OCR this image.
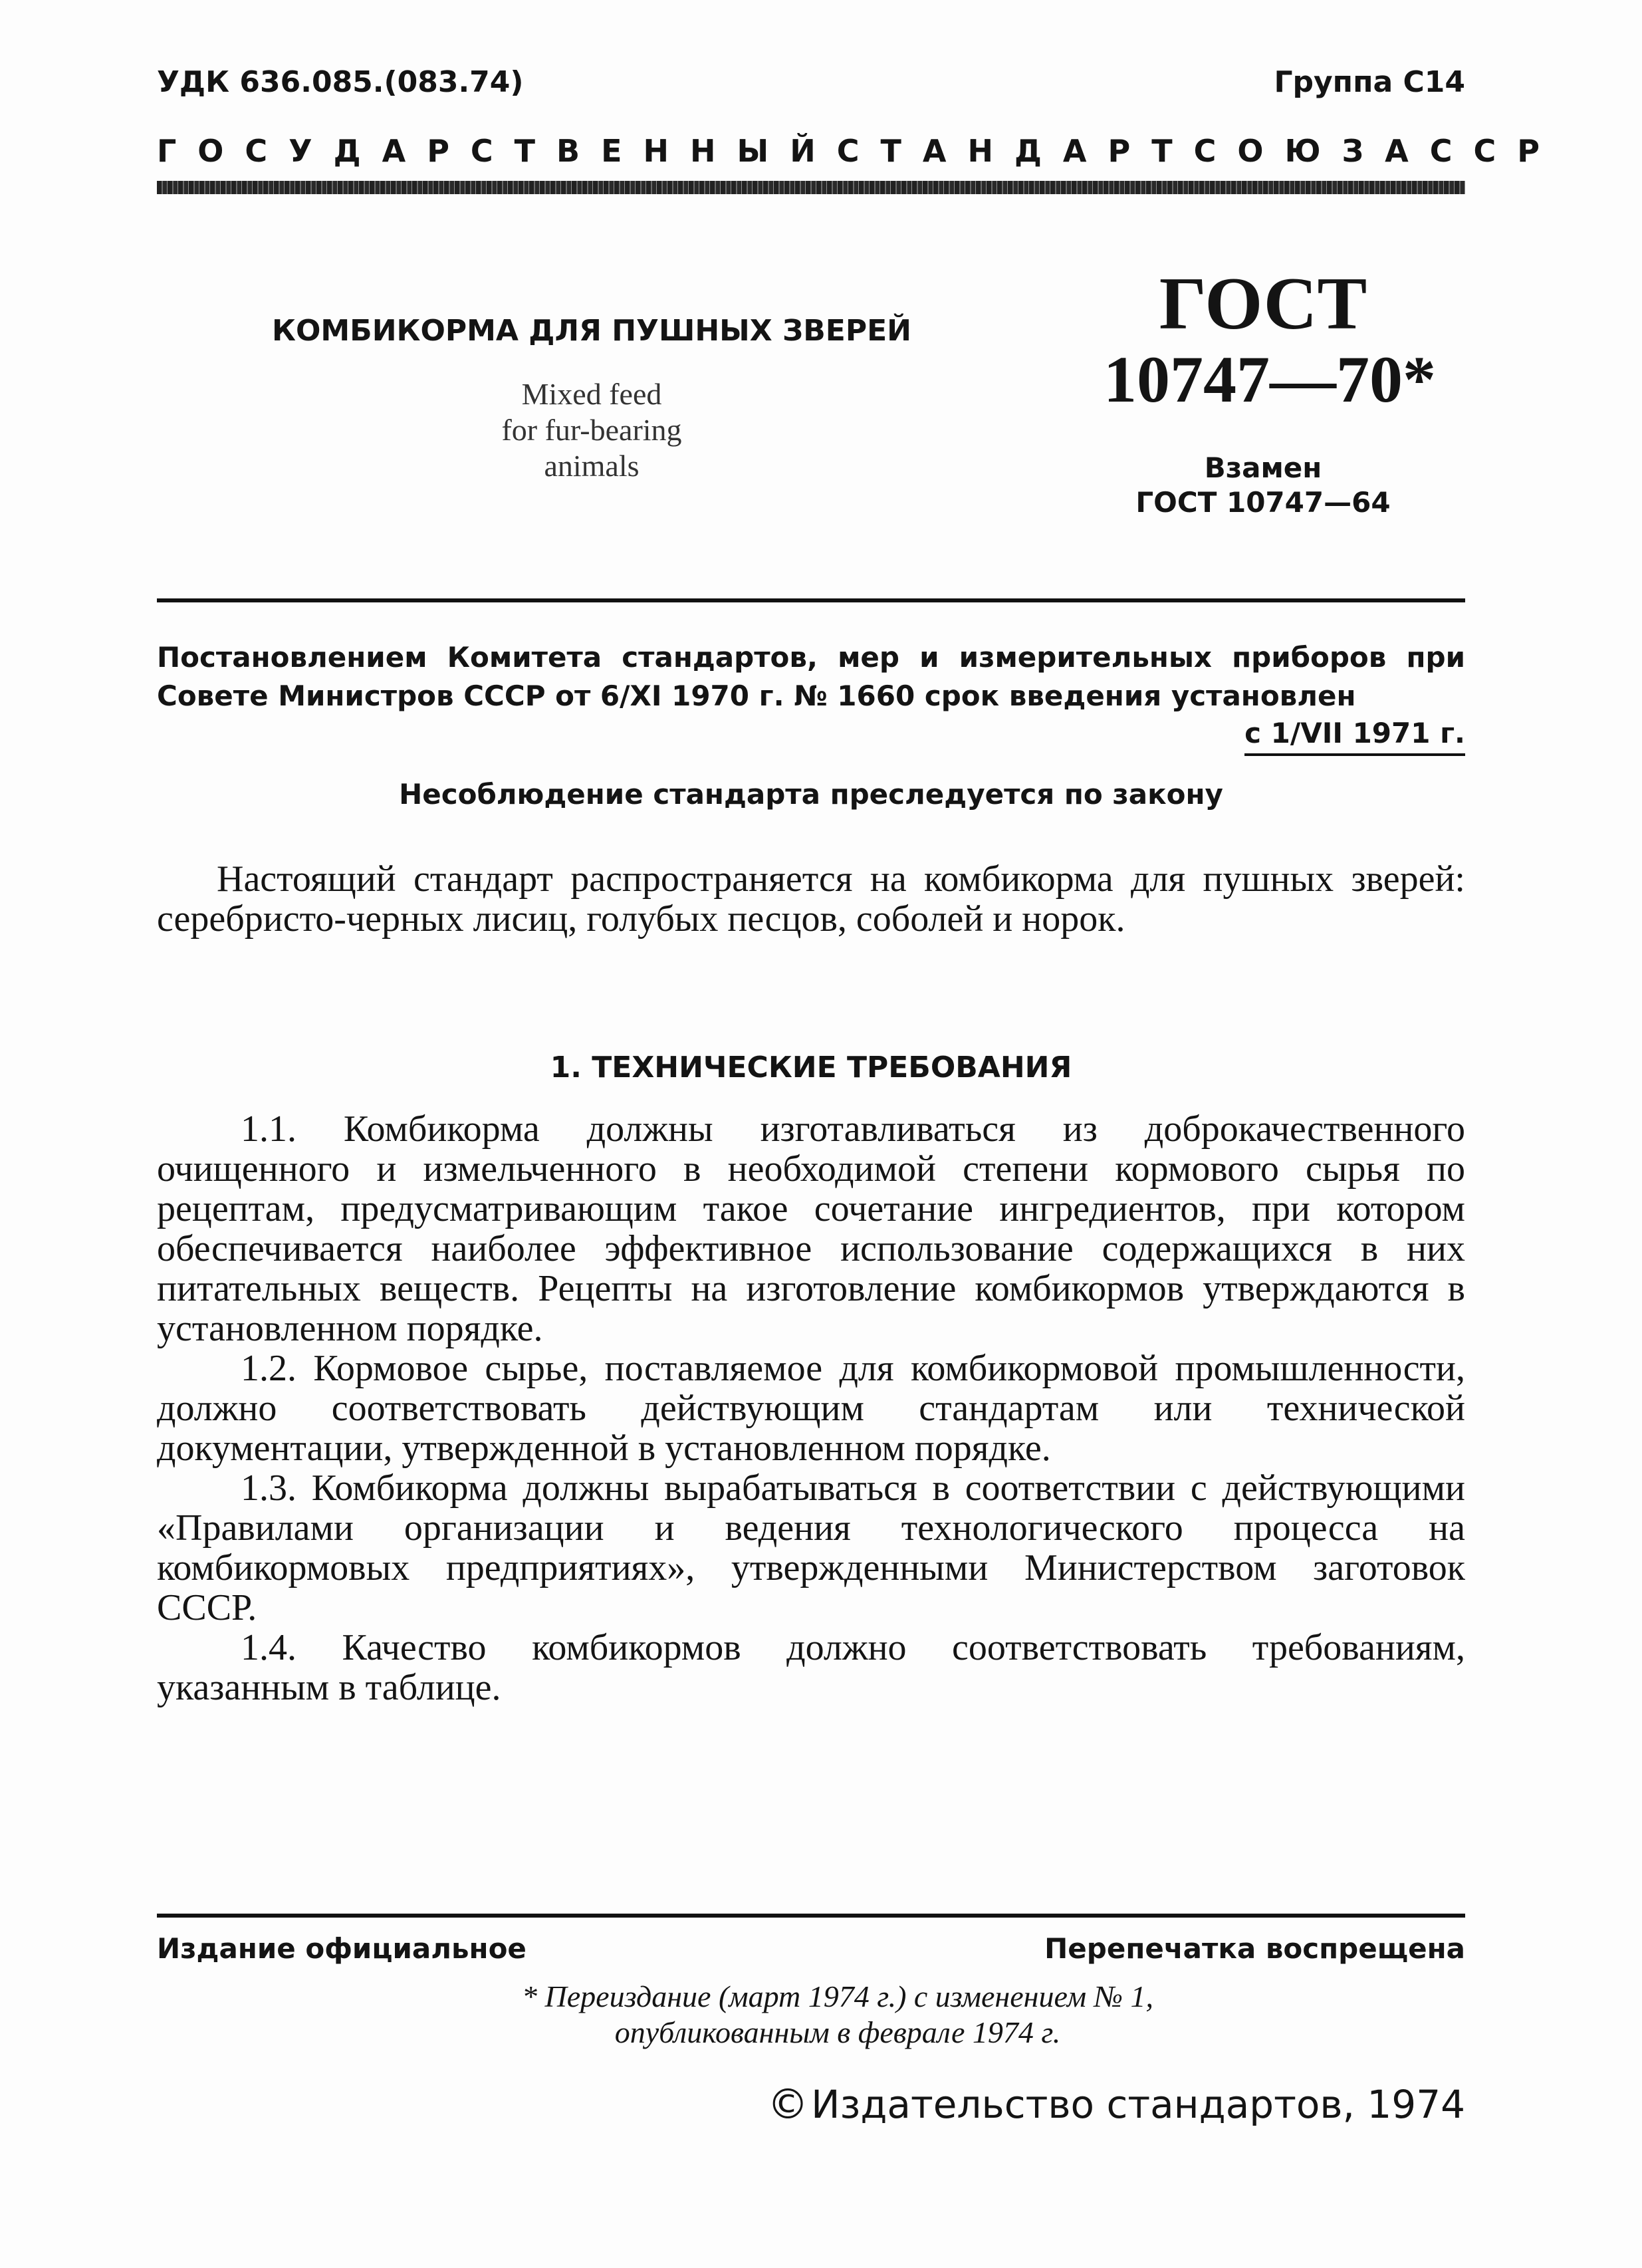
УДК 636.085.(083.74)	Группа С14
ГОСУДАРСТВЕННЫЙ СТАНДАРТ СОЮЗА ССР
КОМБИКОРМА ДЛЯ ПУШНЫХ ЗВЕРЕЙ
Mixed feed
for fur-bearing
animals
ГОСТ
10747—70*
Взамен
ГОСТ 10747—64
Постановлением Комитета стандартов, мер и измерительных приборов при Совете Министров СССР от 6/XI 1970 г. № 1660 срок введения установлен
с 1/VII 1971 г.
Несоблюдение стандарта преследуется по закону
Настоящий стандарт распространяется на комбикорма для пушных зверей: серебристо-черных лисиц, голубых песцов, соболей и норок.
1. ТЕХНИЧЕСКИЕ ТРЕБОВАНИЯ

1.1. Комбикорма должны изготавливаться из доброкачественного очищенного и измельченного в необходимой степени кормового сырья по рецептам, предусматривающим такое сочетание ингредиентов, при котором обеспечивается наиболее эффективное использование содержащихся в них питательных веществ. Рецепты на изготовление комбикормов утверждаются в установленном порядке.

1.2. Кормовое сырье, поставляемое для комбикормовой промышленности, должно соответствовать действующим стандартам или технической документации, утвержденной в установленном порядке.

1.3. Комбикорма должны вырабатываться в соответствии с действующими «Правилами организации и ведения технологического процесса на комбикормовых предприятиях», утвержденными Министерством заготовок СССР.

1.4. Качество комбикормов должно соответствовать требованиям, указанным в таблице.

Издание официальное	Перепечатка воспрещена
* Переиздание (март 1974 г.) с изменением № 1,
опубликованным в феврале 1974 г.
© Издательство стандартов, 1974
